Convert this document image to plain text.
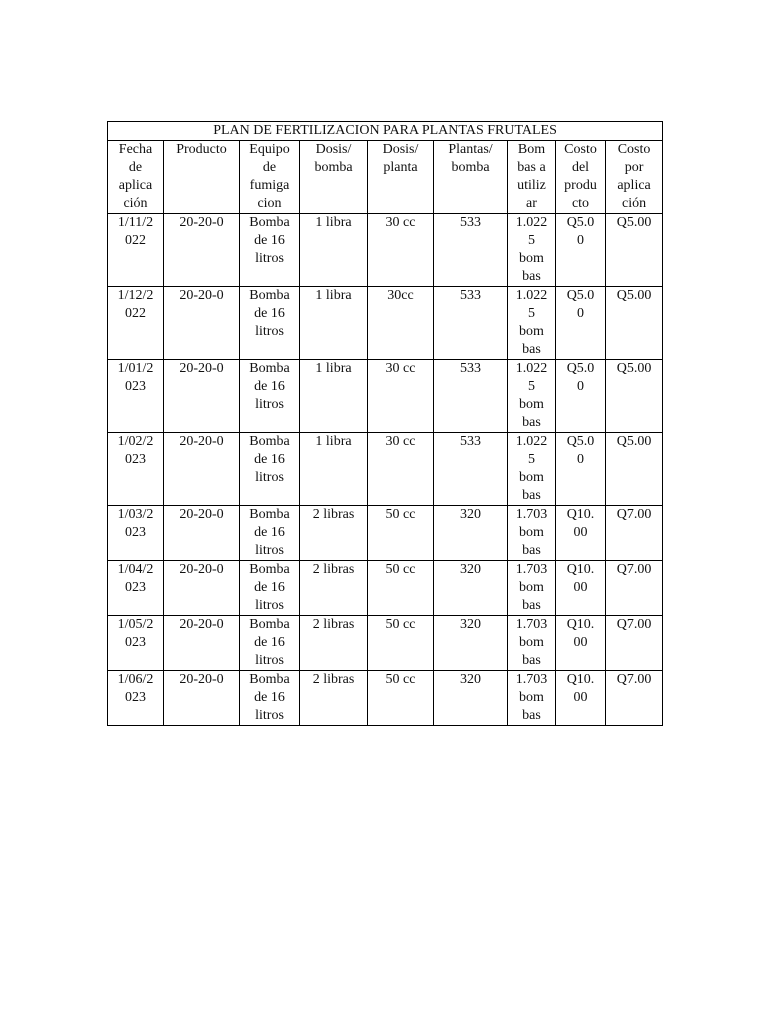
PLAN DE FERTILIZACION PARA PLANTAS FRUTALES								

Fecha
de
aplica
ción	Producto	Equipo
de
fumiga
cion	Dosis/
bomba	Dosis/
planta	Plantas/
bomba	Bom
bas a
utiliz
ar	Costo
del
produ
cto	Costo
por
aplica
ción

1/11/2
022	20-20-0	Bomba
de 16
litros	1 libra	30 cc	533	1.022
5
bom
bas	Q5.0
0	Q5.00

1/12/2
022	20-20-0	Bomba
de 16
litros	1 libra	30cc	533	1.022
5
bom
bas	Q5.0
0	Q5.00

1/01/2
023	20-20-0	Bomba
de 16
litros	1 libra	30 cc	533	1.022
5
bom
bas	Q5.0
0	Q5.00

1/02/2
023	20-20-0	Bomba
de 16
litros	1 libra	30 cc	533	1.022
5
bom
bas	Q5.0
0	Q5.00

1/03/2
023	20-20-0	Bomba
de 16
litros	2 libras	50 cc	320	1.703
bom
bas	Q10.
00	Q7.00

1/04/2
023	20-20-0	Bomba
de 16
litros	2 libras	50 cc	320	1.703
bom
bas	Q10.
00	Q7.00

1/05/2
023	20-20-0	Bomba
de 16
litros	2 libras	50 cc	320	1.703
bom
bas	Q10.
00	Q7.00

1/06/2
023	20-20-0	Bomba
de 16
litros	2 libras	50 cc	320	1.703
bom
bas	Q10.
00	Q7.00
